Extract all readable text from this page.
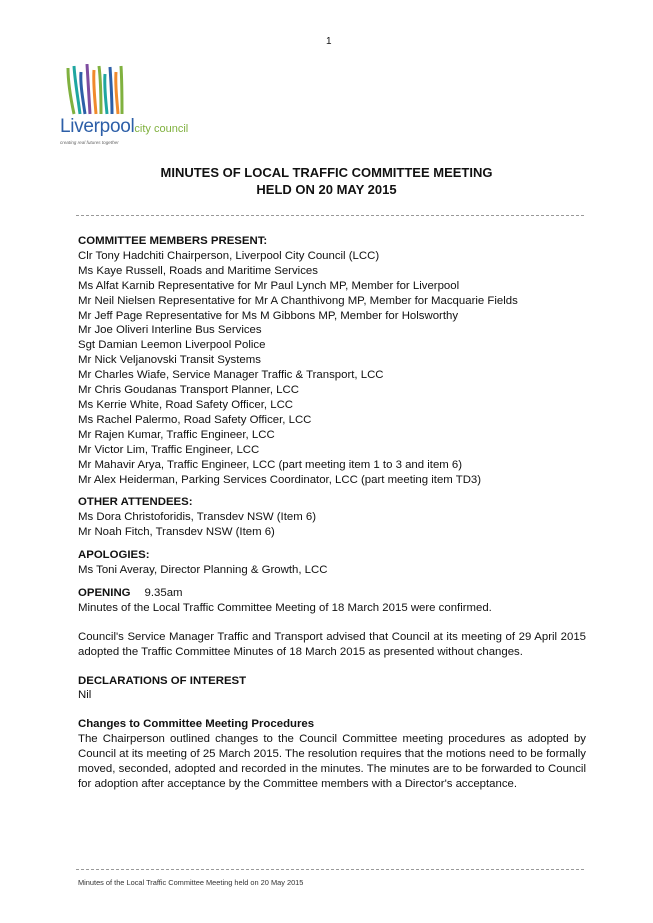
1
Liverpoolcity council
creating real futures together
MINUTES OF LOCAL TRAFFIC COMMITTEE MEETING
HELD ON 20 MAY 2015
COMMITTEE MEMBERS PRESENT:
Clr Tony Hadchiti Chairperson, Liverpool City Council (LCC)
Ms Kaye Russell, Roads and Maritime Services
Ms Alfat Karnib Representative for Mr Paul Lynch MP, Member for Liverpool
Mr Neil Nielsen Representative for Mr A Chanthivong MP, Member for Macquarie Fields
Mr Jeff Page Representative for Ms M Gibbons MP, Member for Holsworthy
Mr Joe Oliveri Interline Bus Services
Sgt Damian Leemon Liverpool Police
Mr Nick Veljanovski Transit Systems
Mr Charles Wiafe, Service Manager Traffic & Transport, LCC
Mr Chris Goudanas Transport Planner, LCC
Ms Kerrie White, Road Safety Officer, LCC
Ms Rachel Palermo, Road Safety Officer, LCC
Mr Rajen Kumar, Traffic Engineer, LCC
Mr Victor Lim, Traffic Engineer, LCC
Mr Mahavir Arya, Traffic Engineer, LCC (part meeting item 1 to 3 and item 6)
Mr Alex Heiderman, Parking Services Coordinator, LCC (part meeting item TD3)
OTHER ATTENDEES:
Ms Dora Christoforidis, Transdev NSW (Item 6)
Mr Noah Fitch, Transdev NSW (Item 6)
APOLOGIES:
Ms Toni Averay, Director Planning & Growth, LCC
OPENING 9.35am
Minutes of the Local Traffic Committee Meeting of 18 March 2015 were confirmed.
Council's Service Manager Traffic and Transport advised that Council at its meeting of 29 April 2015 adopted the Traffic Committee Minutes of 18 March 2015 as presented without changes.
DECLARATIONS OF INTEREST
Nil
Changes to Committee Meeting Procedures
The Chairperson outlined changes to the Council Committee meeting procedures as adopted by Council at its meeting of 25 March 2015. The resolution requires that the motions need to be formally moved, seconded, adopted and recorded in the minutes. The minutes are to be forwarded to Council for adoption after acceptance by the Committee members with a Director's acceptance.
Minutes of the Local Traffic Committee Meeting held on 20 May 2015
